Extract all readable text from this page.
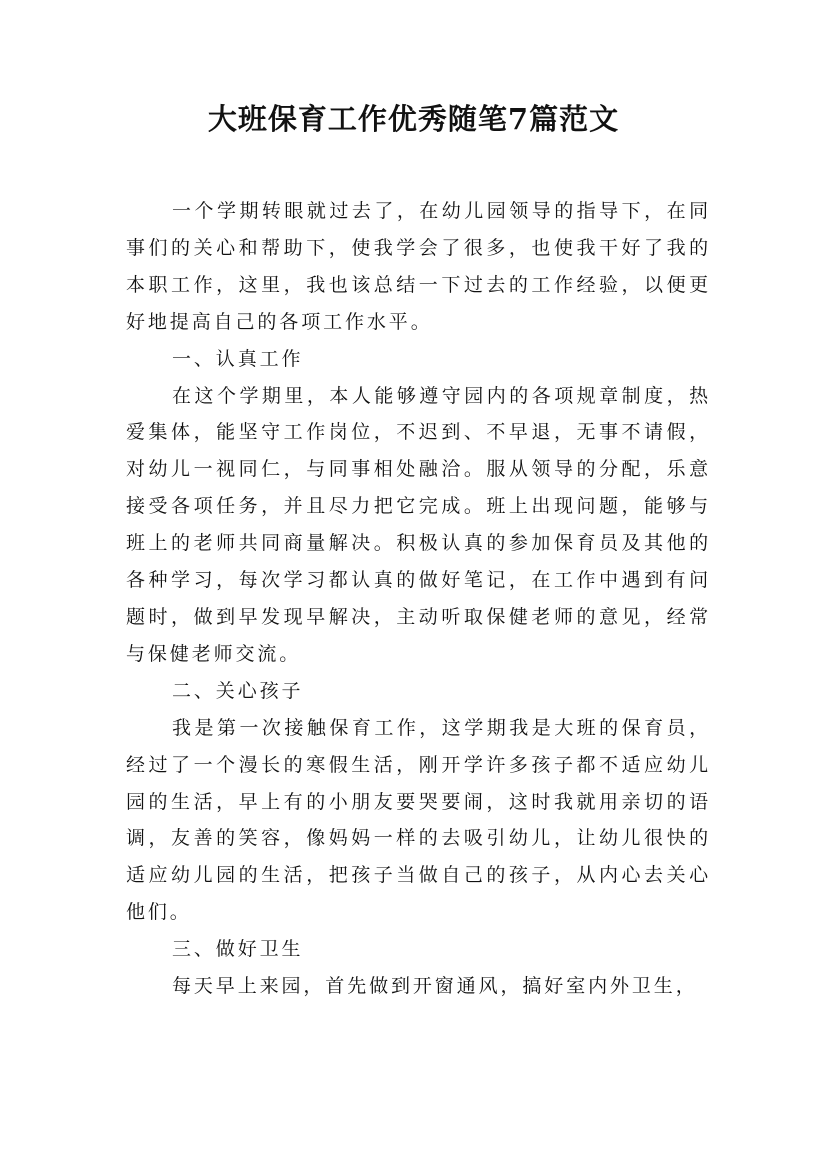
大班保育工作优秀随笔7篇范文

一个学期转眼就过去了，在幼儿园领导的指导下，在同事们的关心和帮助下，使我学会了很多，也使我干好了我的本职工作，这里，我也该总结一下过去的工作经验，以便更好地提高自己的各项工作水平。

一、认真工作

在这个学期里，本人能够遵守园内的各项规章制度，热爱集体，能坚守工作岗位，不迟到、不早退，无事不请假，对幼儿一视同仁，与同事相处融洽。服从领导的分配，乐意接受各项任务，并且尽力把它完成。班上出现问题，能够与班上的老师共同商量解决。积极认真的参加保育员及其他的各种学习，每次学习都认真的做好笔记，在工作中遇到有问题时，做到早发现早解决，主动听取保健老师的意见，经常与保健老师交流。

二、关心孩子

我是第一次接触保育工作，这学期我是大班的保育员，经过了一个漫长的寒假生活，刚开学许多孩子都不适应幼儿园的生活，早上有的小朋友要哭要闹，这时我就用亲切的语调，友善的笑容，像妈妈一样的去吸引幼儿，让幼儿很快的适应幼儿园的生活，把孩子当做自己的孩子，从内心去关心他们。

三、做好卫生

每天早上来园，首先做到开窗通风，搞好室内外卫生，
